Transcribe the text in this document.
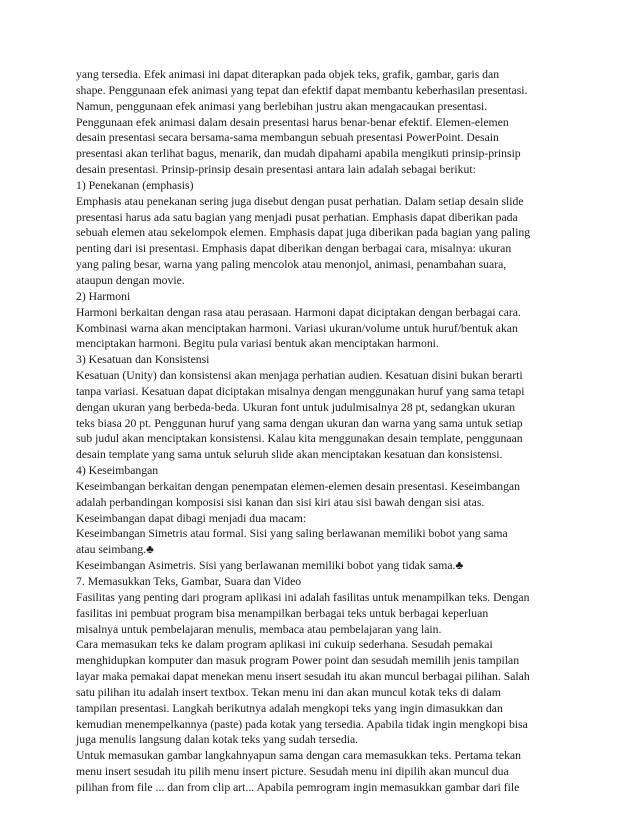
yang tersedia. Efek animasi ini dapat diterapkan pada objek teks, grafik, gambar, garis dan
shape. Penggunaan efek animasi yang tepat dan efektif dapat membantu keberhasilan presentasi.
Namun, penggunaan efek animasi yang berlebihan justru akan mengacaukan presentasi.
Penggunaan efek animasi dalam desain presentasi harus benar-benar efektif. Elemen-elemen
desain presentasi secara bersama-sama membangun sebuah presentasi PowerPoint. Desain
presentasi akan terlihat bagus, menarik, dan mudah dipahami apabila mengikuti prinsip-prinsip
desain presentasi. Prinsip-prinsip desain presentasi antara lain adalah sebagai berikut:
1) Penekanan (emphasis)
Emphasis atau penekanan sering juga disebut dengan pusat perhatian. Dalam setiap desain slide
presentasi harus ada satu bagian yang menjadi pusat perhatian. Emphasis dapat diberikan pada
sebuah elemen atau sekelompok elemen. Emphasis dapat juga diberikan pada bagian yang paling
penting dari isi presentasi. Emphasis dapat diberikan dengan berbagai cara, misalnya: ukuran
yang paling besar, warna yang paling mencolok atau menonjol, animasi, penambahan suara,
ataupun dengan movie.
2) Harmoni
Harmoni berkaitan dengan rasa atau perasaan. Harmoni dapat diciptakan dengan berbagai cara.
Kombinasi warna akan menciptakan harmoni. Variasi ukuran/volume untuk huruf/bentuk akan
menciptakan harmoni. Begitu pula variasi bentuk akan menciptakan harmoni.
3) Kesatuan dan Konsistensi
Kesatuan (Unity) dan konsistensi akan menjaga perhatian audien. Kesatuan disini bukan berarti
tanpa variasi. Kesatuan dapat diciptakan misalnya dengan menggunakan huruf yang sama tetapi
dengan ukuran yang berbeda-beda. Ukuran font untuk judulmisalnya 28 pt, sedangkan ukuran
teks biasa 20 pt. Penggunan huruf yang sama dengan ukuran dan warna yang sama untuk setiap
sub judul akan menciptakan konsistensi. Kalau kita menggunakan desain template, penggunaan
desain template yang sama untuk seluruh slide akan menciptakan kesatuan dan konsistensi.
4) Keseimbangan
Keseimbangan berkaitan dengan penempatan elemen-elemen desain presentasi. Keseimbangan
adalah perbandingan komposisi sisi kanan dan sisi kiri atau sisi bawah dengan sisi atas.
Keseimbangan dapat dibagi menjadi dua macam:
Keseimbangan Simetris atau formal. Sisi yang saling berlawanan memiliki bobot yang sama
atau seimbang.♣
Keseimbangan Asimetris. Sisi yang berlawanan memiliki bobot yang tidak sama.♣
7. Memasukkan Teks, Gambar, Suara dan Video
Fasilitas yang penting dari program aplikasi ini adalah fasilitas untuk menampilkan teks. Dengan
fasilitas ini pembuat program bisa menampilkan berbagai teks untuk berbagai keperluan
misalnya untuk pembelajaran menulis, membaca atau pembelajaran yang lain.
Cara memasukan teks ke dalam program aplikasi ini cukuip sederhana. Sesudah pemakai
menghidupkan komputer dan masuk program Power point dan sesudah memilih jenis tampilan
layar maka pemakai dapat menekan menu insert sesudah itu akan muncul berbagai pilihan. Salah
satu pilihan itu adalah insert textbox. Tekan menu ini dan akan muncul kotak teks di dalam
tampilan presentasi. Langkah berikutnya adalah mengkopi teks yang ingin dimasukkan dan
kemudian menempelkannya (paste) pada kotak yang tersedia. Apabila tidak ingin mengkopi bisa
juga menulis langsung dalan kotak teks yang sudah tersedia.
Untuk memasukan gambar langkahnyapun sama dengan cara memasukkan teks. Pertama tekan
menu insert sesudah itu pilih menu insert picture. Sesudah menu ini dipilih akan muncul dua
pilihan from file ... dan from clip art... Apabila pemrogram ingin memasukkan gambar dari file
